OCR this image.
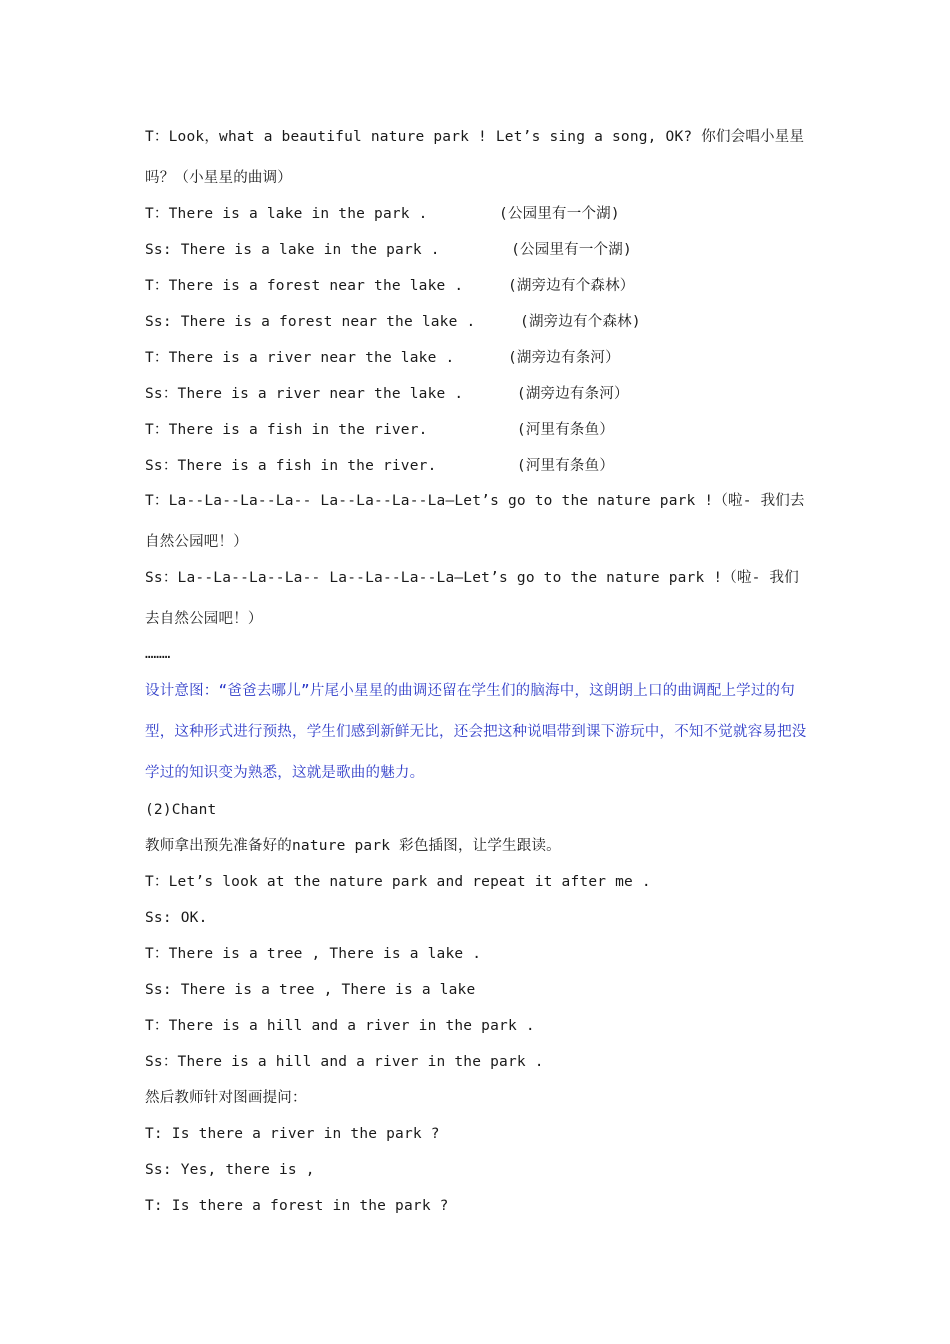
T：Look，what a beautiful nature park ! Let’s sing a song, OK? 你们会唱小星星吗？（小星星的曲调）
T：There is a lake in the park .        (公园里有一个湖)
Ss: There is a lake in the park .        (公园里有一个湖)
T：There is a forest near the lake .     (湖旁边有个森林）
Ss: There is a forest near the lake .     (湖旁边有个森林)
T：There is a river near the lake .      (湖旁边有条河）
Ss：There is a river near the lake .      (湖旁边有条河）
T：There is a fish in the river.          (河里有条鱼）
Ss：There is a fish in the river.         (河里有条鱼）
T：La--La--La--La-- La--La--La--La—Let’s go to the nature park !（啦- 我们去自然公园吧！）
Ss：La--La--La--La-- La--La--La--La—Let’s go to the nature park !（啦- 我们去自然公园吧！）
………
设计意图：“爸爸去哪儿”片尾小星星的曲调还留在学生们的脑海中，这朗朗上口的曲调配上学过的句型，这种形式进行预热，学生们感到新鲜无比，还会把这种说唱带到课下游玩中，不知不觉就容易把没学过的知识变为熟悉，这就是歌曲的魅力。
(2)Chant
教师拿出预先准备好的nature park 彩色插图，让学生跟读。
T：Let’s look at the nature park and repeat it after me .
Ss: OK.
T：There is a tree , There is a lake .
Ss: There is a tree , There is a lake
T：There is a hill and a river in the park .
Ss：There is a hill and a river in the park .
然后教师针对图画提问：
T: Is there a river in the park ?
Ss: Yes, there is ,
T: Is there a forest in the park ?
